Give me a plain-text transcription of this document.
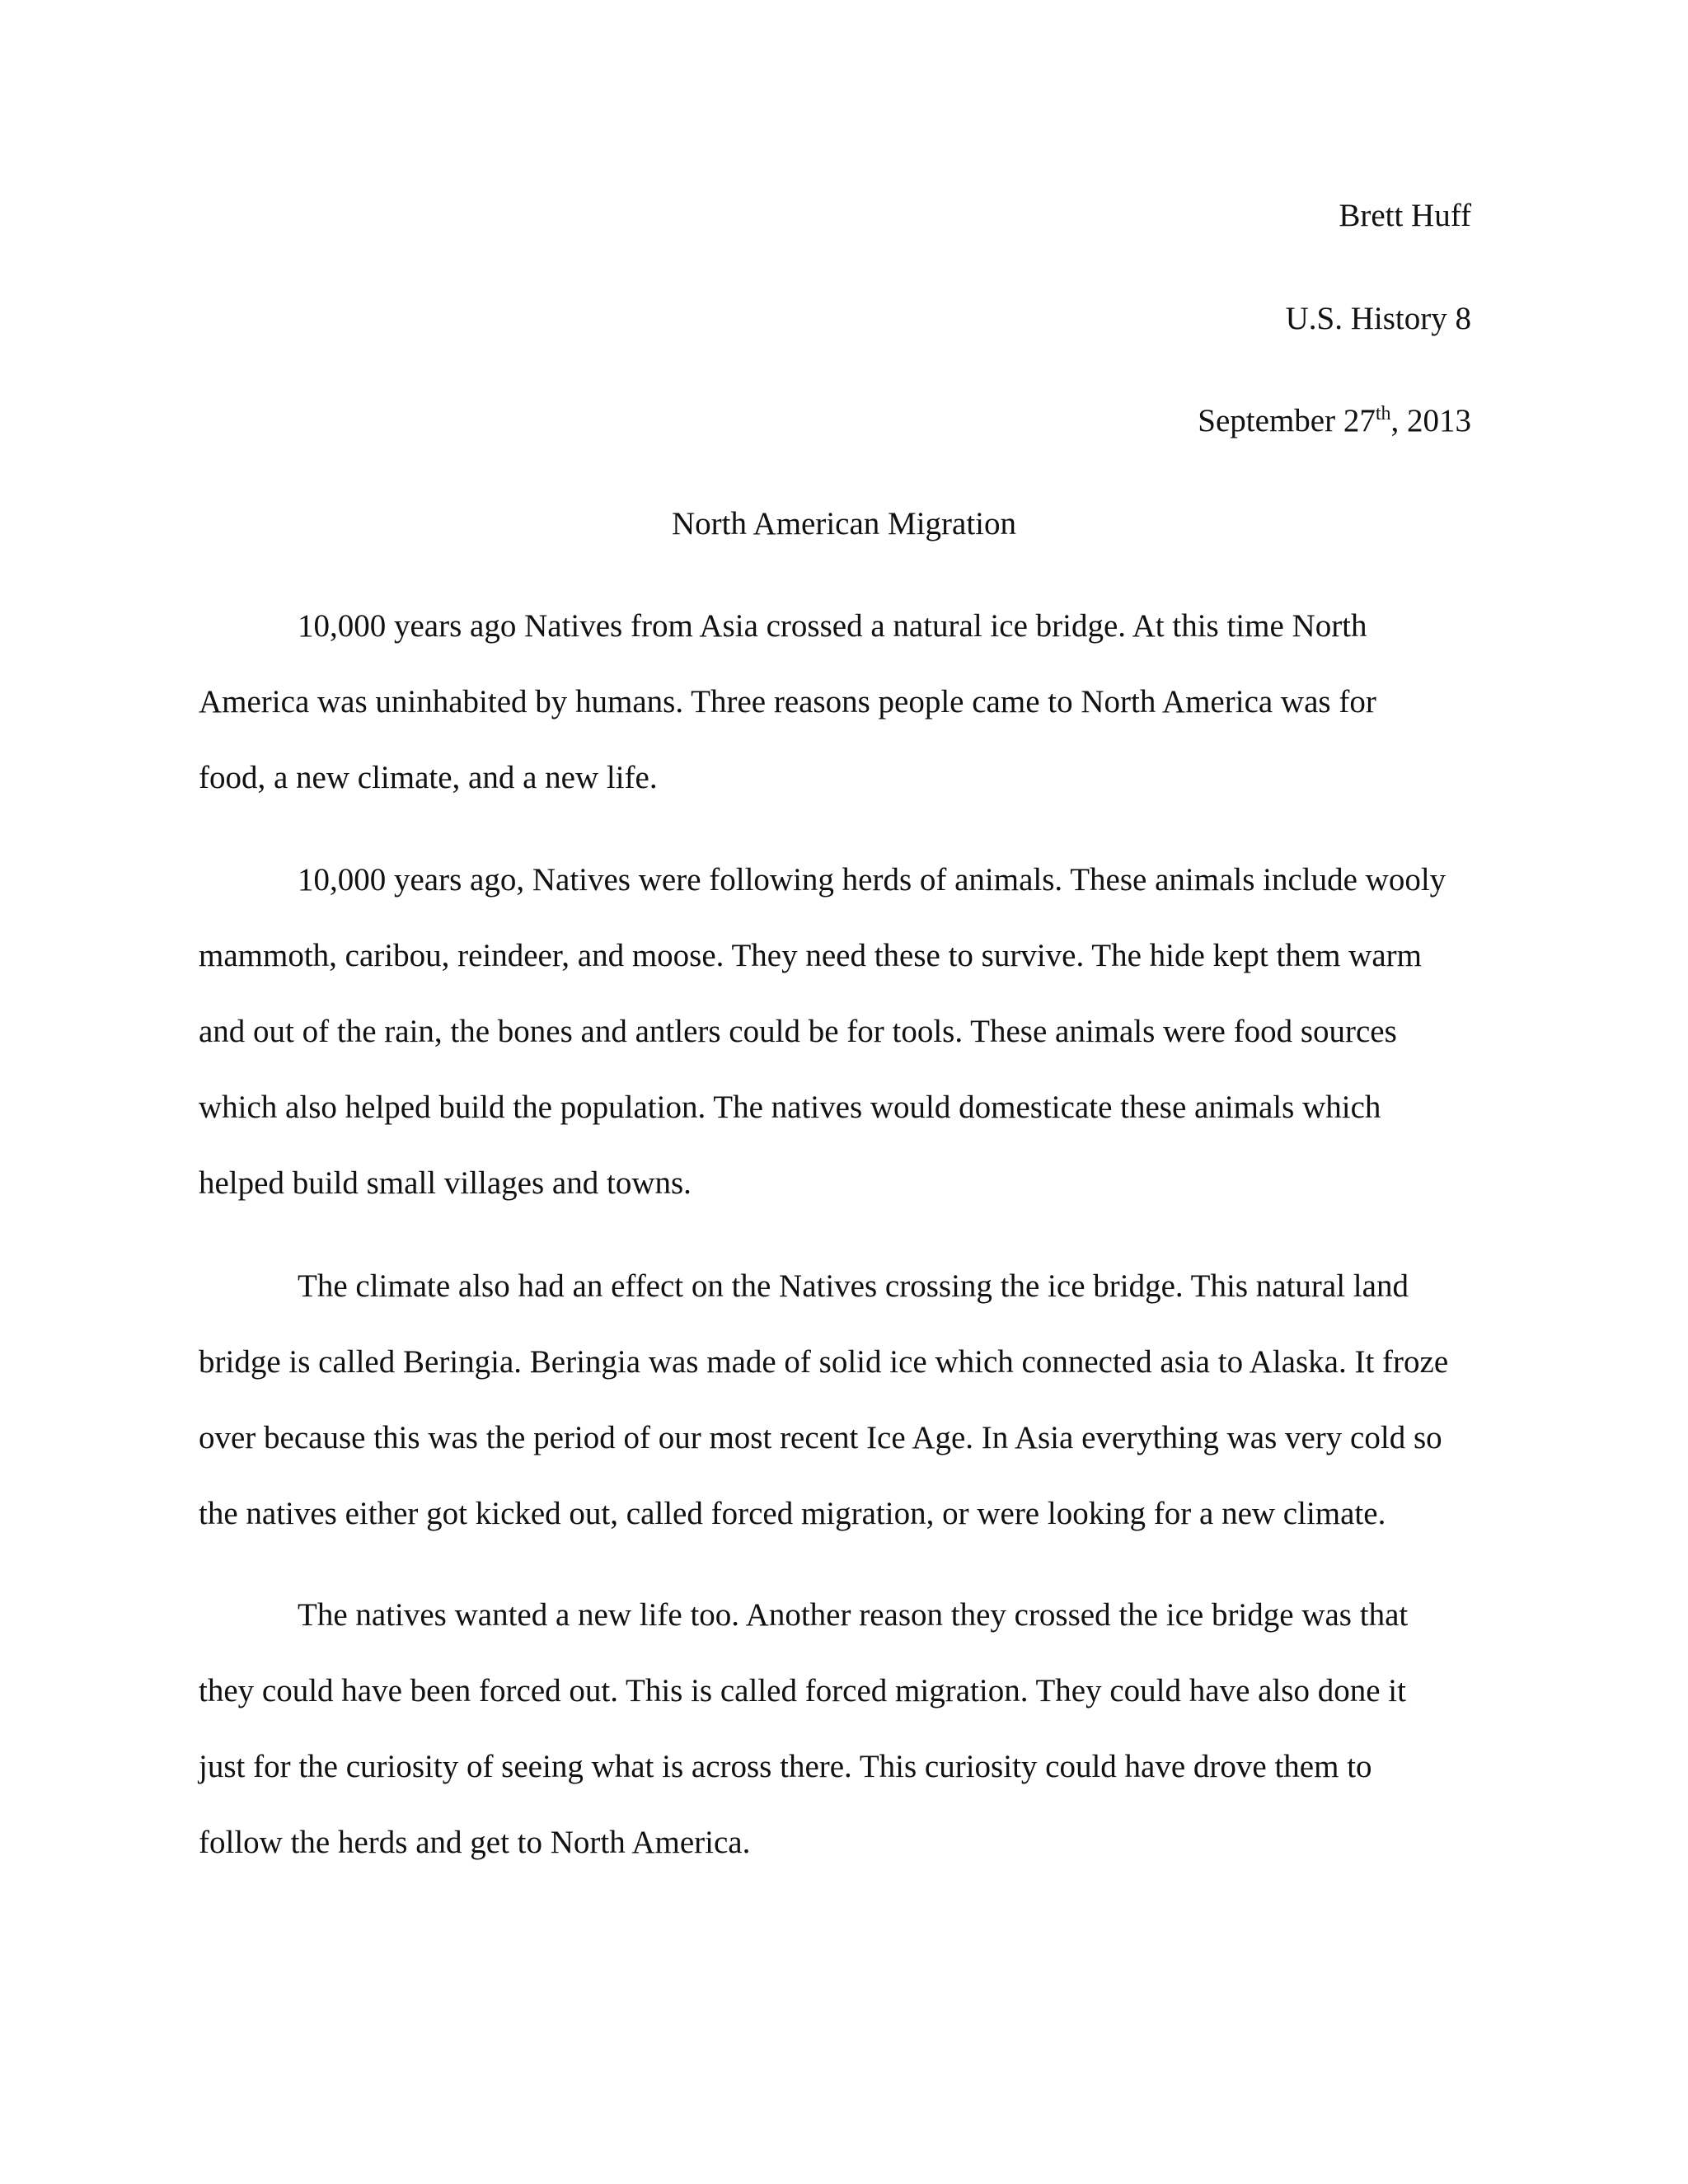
Brett Huff
U.S. History 8
September 27th, 2013
North American Migration
10,000 years ago Natives from Asia crossed a natural ice bridge. At this time North
America was uninhabited by humans. Three reasons people came to North America was for
food, a new climate, and a new life.
10,000 years ago, Natives were following herds of animals. These animals include wooly
mammoth, caribou, reindeer, and moose. They need these to survive. The hide kept them warm
and out of the rain, the bones and antlers could be for tools. These animals were food sources
which also helped build the population. The natives would domesticate these animals which
helped build small villages and towns.
The climate also had an effect on the Natives crossing the ice bridge. This natural land
bridge is called Beringia. Beringia was made of solid ice which connected asia to Alaska. It froze
over because this was the period of our most recent Ice Age. In Asia everything was very cold so
the natives either got kicked out, called forced migration, or were looking for a new climate.
The natives wanted a new life too. Another reason they crossed the ice bridge was that
they could have been forced out. This is called forced migration. They could have also done it
just for the curiosity of seeing what is across there. This curiosity could have drove them to
follow the herds and get to North America.
